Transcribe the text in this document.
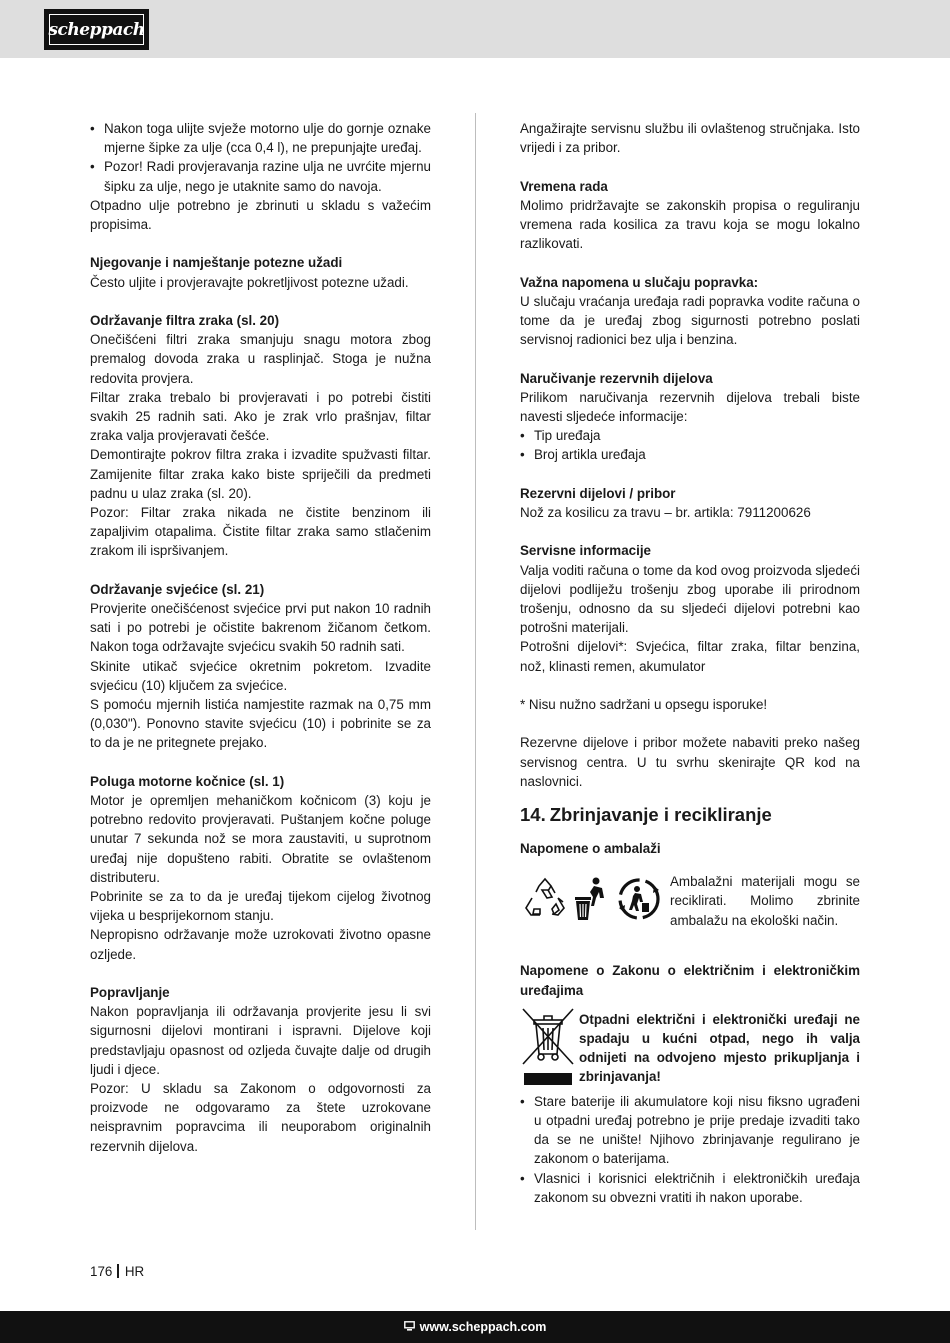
scheppach
• Nakon toga ulijte svježe motorno ulje do gornje oznake mjerne šipke za ulje (cca 0,4 l), ne prepunjajte uređaj.
• Pozor! Radi provjeravanja razine ulja ne uvrćite mjernu šipku za ulje, nego je utaknite samo do navoja.
Otpadno ulje potrebno je zbrinuti u skladu s važećim propisima.
Njegovanje i namještanje potezne užadi
Često uljite i provjeravajte pokretljivost potezne užadi.
Održavanje filtra zraka (sl. 20)
Onečišćeni filtri zraka smanjuju snagu motora zbog premalog dovoda zraka u rasplinjač. Stoga je nužna redovita provjera.
Filtar zraka trebalo bi provjeravati i po potrebi čistiti svakih 25 radnih sati. Ako je zrak vrlo prašnjav, filtar zraka valja provjeravati češće.
Demontirajte pokrov filtra zraka i izvadite spužvasti filtar. Zamijenite filtar zraka kako biste spriječili da predmeti padnu u ulaz zraka (sl. 20).
Pozor: Filtar zraka nikada ne čistite benzinom ili zapaljivim otapalima. Čistite filtar zraka samo stlačenim zrakom ili ispršivanjem.
Održavanje svjećice (sl. 21)
Provjerite onečišćenost svjećice prvi put nakon 10 radnih sati i po potrebi je očistite bakrenom žičanom četkom. Nakon toga održavajte svjećicu svakih 50 radnih sati.
Skinite utikač svjećice okretnim pokretom. Izvadite svjećicu (10) ključem za svjećice.
S pomoću mjernih listića namjestite razmak na 0,75 mm (0,030"). Ponovno stavite svjećicu (10) i pobrinite se za to da je ne pritegnete prejako.
Poluga motorne kočnice (sl. 1)
Motor je opremljen mehaničkom kočnicom (3) koju je potrebno redovito provjeravati. Puštanjem kočne poluge unutar 7 sekunda nož se mora zaustaviti, u suprotnom uređaj nije dopušteno rabiti. Obratite se ovlaštenom distributeru.
Pobrinite se za to da je uređaj tijekom cijelog životnog vijeka u besprijekornom stanju.
Nepropisno održavanje može uzrokovati životno opasne ozljede.
Popravljanje
Nakon popravljanja ili održavanja provjerite jesu li svi sigurnosni dijelovi montirani i ispravni. Dijelove koji predstavljaju opasnost od ozljeda čuvajte dalje od drugih ljudi i djece.
Pozor: U skladu sa Zakonom o odgovornosti za proizvode ne odgovaramo za štete uzrokovane neispravnim popravcima ili neuporabom originalnih rezervnih dijelova.
Angažirajte servisnu službu ili ovlaštenog stručnjaka. Isto vrijedi i za pribor.
Vremena rada
Molimo pridržavajte se zakonskih propisa o reguliranju vremena rada kosilica za travu koja se mogu lokalno razlikovati.
Važna napomena u slučaju popravka:
U slučaju vraćanja uređaja radi popravka vodite računa o tome da je uređaj zbog sigurnosti potrebno poslati servisnoj radionici bez ulja i benzina.
Naručivanje rezervnih dijelova
Prilikom naručivanja rezervnih dijelova trebali biste navesti sljedeće informacije:
• Tip uređaja
• Broj artikla uređaja
Rezervni dijelovi / pribor
Nož za kosilicu za travu – br. artikla: 7911200626
Servisne informacije
Valja voditi računa o tome da kod ovog proizvoda sljedeći dijelovi podliježu trošenju zbog uporabe ili prirodnom trošenju, odnosno da su sljedeći dijelovi potrebni kao potrošni materijali.
Potrošni dijelovi*: Svjećica, filtar zraka, filtar benzina, nož, klinasti remen, akumulator
* Nisu nužno sadržani u opsegu isporuke!
Rezervne dijelove i pribor možete nabaviti preko našeg servisnog centra. U tu svrhu skenirajte QR kod na naslovnici.
14. Zbrinjavanje i recikliranje
Napomene o ambalaži
Ambalažni materijali mogu se reciklirati. Molimo zbrinite ambalažu na ekološki način.
Napomene o Zakonu o električnim i elektroničkim uređajima
Otpadni električni i elektronički uređaji ne spadaju u kućni otpad, nego ih valja odnijeti na odvojeno mjesto prikupljanja i zbrinjavanja!
• Stare baterije ili akumulatore koji nisu fiksno ugrađeni u otpadni uređaj potrebno je prije predaje izvaditi tako da se ne unište! Njihovo zbrinjavanje regulirano je zakonom o baterijama.
• Vlasnici i korisnici električnih i elektroničkih uređaja zakonom su obvezni vratiti ih nakon uporabe.
176 HR
www.scheppach.com
